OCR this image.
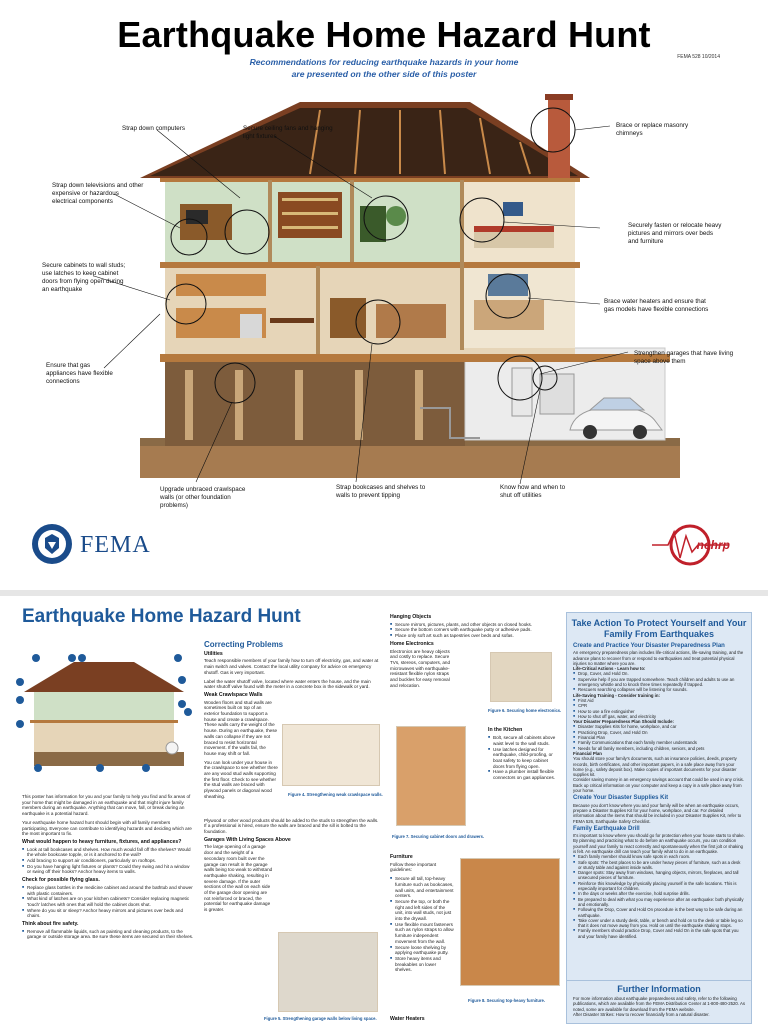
Earthquake Home Hazard Hunt
Recommendations for reducing earthquake hazards in your home
are presented on the other side of this poster
FEMA 528 10/2014
Strap down computers	Secure ceiling fans and hanging light fixtures
Brace or replace masonry chimneys
Strap down televisions and other expensive or hazardous electrical components
Securely fasten or relocate heavy pictures and mirrors over beds and furniture
Secure cabinets to wall studs; use latches to keep cabinet doors from flying open during an earthquake
Brace water heaters and ensure that gas models have flexible connections
Strengthen garages that have living space above them
Ensure that gas appliances have flexible connections
Upgrade unbraced crawlspace walls (or other foundation problems)
Strap bookcases and shelves to walls to prevent tipping
Know how and when to shut off utilities
FEMA	nehrp
Earthquake Home Hazard Hunt

This poster has information for you and your family to help you find and fix areas of your home that might be damaged in an earthquake and that might injure family members during an earthquake. Anything that can move, fall, or break during an earthquake is a potential hazard.

Your earthquake home hazard hunt should begin with all family members participating. Everyone can contribute to identifying hazards and deciding which are the most important to fix.

What would happen to heavy furniture, fixtures, and appliances?
■ Look at tall bookcases and shelves. How much would fall off the shelves? Would the whole bookcase topple, or is it anchored to the wall?
■ Add bracing to support air conditioners, particularly on rooftops.
■ Do you have hanging light fixtures or plants? Could they swing and hit a window or swing off their hooks? Anchor heavy items to walls.
Check for possible flying glass.
■ Replace glass bottles in the medicine cabinet and around the bathtub and shower with plastic containers.
■ What kind of latches are on your kitchen cabinets? Consider replacing magnetic 'touch' latches with ones that will hold the cabinet doors shut.
■ Where do you sit or sleep? Anchor heavy mirrors and pictures over beds and chairs.
Think about fire safety.
■ Remove all flammable liquids, such as painting and cleaning products, to the garage or outside storage area. Be sure these items are secured on their shelves.
Correcting Problems
Utilities

Teach responsible members of your family how to turn off electricity, gas, and water at main switch and valves. Contact the local utility company for advice on emergency shutoff. Gas is very important.

Label the water shutoff valve, located where water enters the house, and the main water shutoff valve found with the meter in a concrete box in the sidewalk or yard.

Weak Crawlspace Walls

Wooden floors and stud walls are sometimes built on top of an exterior foundation to support a house and create a crawlspace. These walls carry the weight of the house. During an earthquake, these walls can collapse if they are not braced to resist horizontal movement. If the walls fail, the house may shift or fall.

You can look under your house in the crawlspace to see whether there are any wood stud walls supporting the first floor. Check to see whether the stud walls are braced with plywood panels or diagonal wood sheathing.

Plywood or other wood products should be added to the studs to strengthen the walls. If a professional is hired, ensure the walls are braced and the sill is bolted to the foundation.

Garages With Living Spaces Above

The large opening of a garage door and the weight of a secondary room built over the garage can result in the garage walls being too weak to withstand earthquake shaking, resulting in severe damage. If the outer sections of the wall on each side of the garage door opening are not reinforced or braced, the potential for earthquake damage is greater.

Figure 4. Strengthening weak crawlspace walls.
Figure 5. Strengthening garage walls below living space.
Hanging Objects
■ Secure mirrors, pictures, plants, and other objects on closed hooks.
■ Secure the bottom corners with earthquake putty or adhesive pads.
■ Place only soft art such as tapestries over beds and sofas.
Home Electronics

Electronics are heavy objects and costly to replace. Secure TVs, stereos, computers, and microwaves with earthquake-resistant flexible nylon straps and buckles for easy removal and relocation.

In the Kitchen
■ Bolt, secure all cabinets above waist level to the wall studs.
■ Use latches designed for earthquake, child-proofing, or boat safety to keep cabinet doors from flying open.
■ Have a plumber install flexible connectors on gas appliances.
Figure 6. Securing home electronics.
Figure 7. Securing cabinet doors and drawers.
Furniture

Follow these important guidelines:

■ Secure all tall, top-heavy furniture such as bookcases, wall units, and entertainment centers.
■ Secure the top, or both the right and left sides of the unit, into wall studs, not just into the drywall.
■ Use flexible mount fasteners such as nylon straps to allow furniture independent movement from the wall.
■ Secure loose shelving by applying earthquake putty.
■ Store heavy items and breakables on lower shelves.
Figure 8. Securing top-heavy furniture.
Water Heaters
Take Action To Protect Yourself and Your Family From Earthquakes
Create and Practice Your Disaster Preparedness Plan

An emergency preparedness plan includes life-critical actions, life-saving training, and the advance plans to recover from or respond to earthquakes and treat potential physical injuries no matter where you are.

Life-Critical Actions - Learn how to:
■ Drop, Cover, and Hold On.
■ Supervise help if you are trapped somewhere. Teach children and adults to use an emergency whistle and to knock three times repeatedly if trapped.
■ Rescuers searching collapses will be listening for sounds.
Life-Saving Training - Consider training in:
■ First Aid
■ CPR
■ How to use a fire extinguisher
■ How to shut off gas, water, and electricity
Your Disaster Preparedness Plan Should Include:
■ Disaster Supplies Kits for home, workplace, and car
■ Practicing Drop, Cover, and Hold On
■ Financial Plan
■ Family Communications that each family member understands
■ Needs for all family members, including children, seniors, and pets
Financial Plan

You should store your family's documents, such as insurance policies, deeds, property records, birth certificates, and other important papers, in a safe place away from your home (e.g., safety deposit box). Make copies of important documents for your disaster supplies kit.

Consider saving money in an emergency savings account that could be used in any crisis. Back up critical information on your computer and keep a copy in a safe place away from your home.

Create Your Disaster Supplies Kit

Because you don't know where you and your family will be when an earthquake occurs, prepare a Disaster Supplies Kit for your home, workplace, and car. For detailed information about the items that should be included in your Disaster Supplies Kit, refer to FEMA 526, Earthquake Safety Checklist.

Family Earthquake Drill

It's important to know where you should go for protection when your house starts to shake. By planning and practicing what to do before an earthquake occurs, you can condition yourself and your family to react correctly and spontaneously when the first jolt or shaking is felt. An earthquake drill can teach your family what to do in an earthquake.

■ Each family member should know safe spots in each room.
■ Safe spots: The best places to be are under heavy pieces of furniture, such as a desk or sturdy table and against inside walls.
■ Danger spots: Stay away from windows, hanging objects, mirrors, fireplaces, and tall unsecured pieces of furniture.
■ Reinforce this knowledge by physically placing yourself in the safe locations. This is especially important for children.
■ In the days or weeks after the exercise, hold surprise drills.
■ Be prepared to deal with what you may experience after an earthquake: both physically and emotionally.
■ Following the Drop, Cover and Hold On procedure is the best way to be safe during an earthquake.
■ Take cover under a sturdy desk, table, or bench and hold on to the desk or table leg so that it does not move away from you. Hold on until the earthquake shaking stops.
■ Family members should practice Drop, Cover and Hold On in the safe spots that you and your family have identified.
Further Information

For more information about earthquake preparedness and safety, refer to the following publications, which are available from the FEMA Distribution Center at 1-800-480-2520. As noted, some are available for download from the FEMA website.

After Disaster Strikes: How to recover financially from a natural disaster.
